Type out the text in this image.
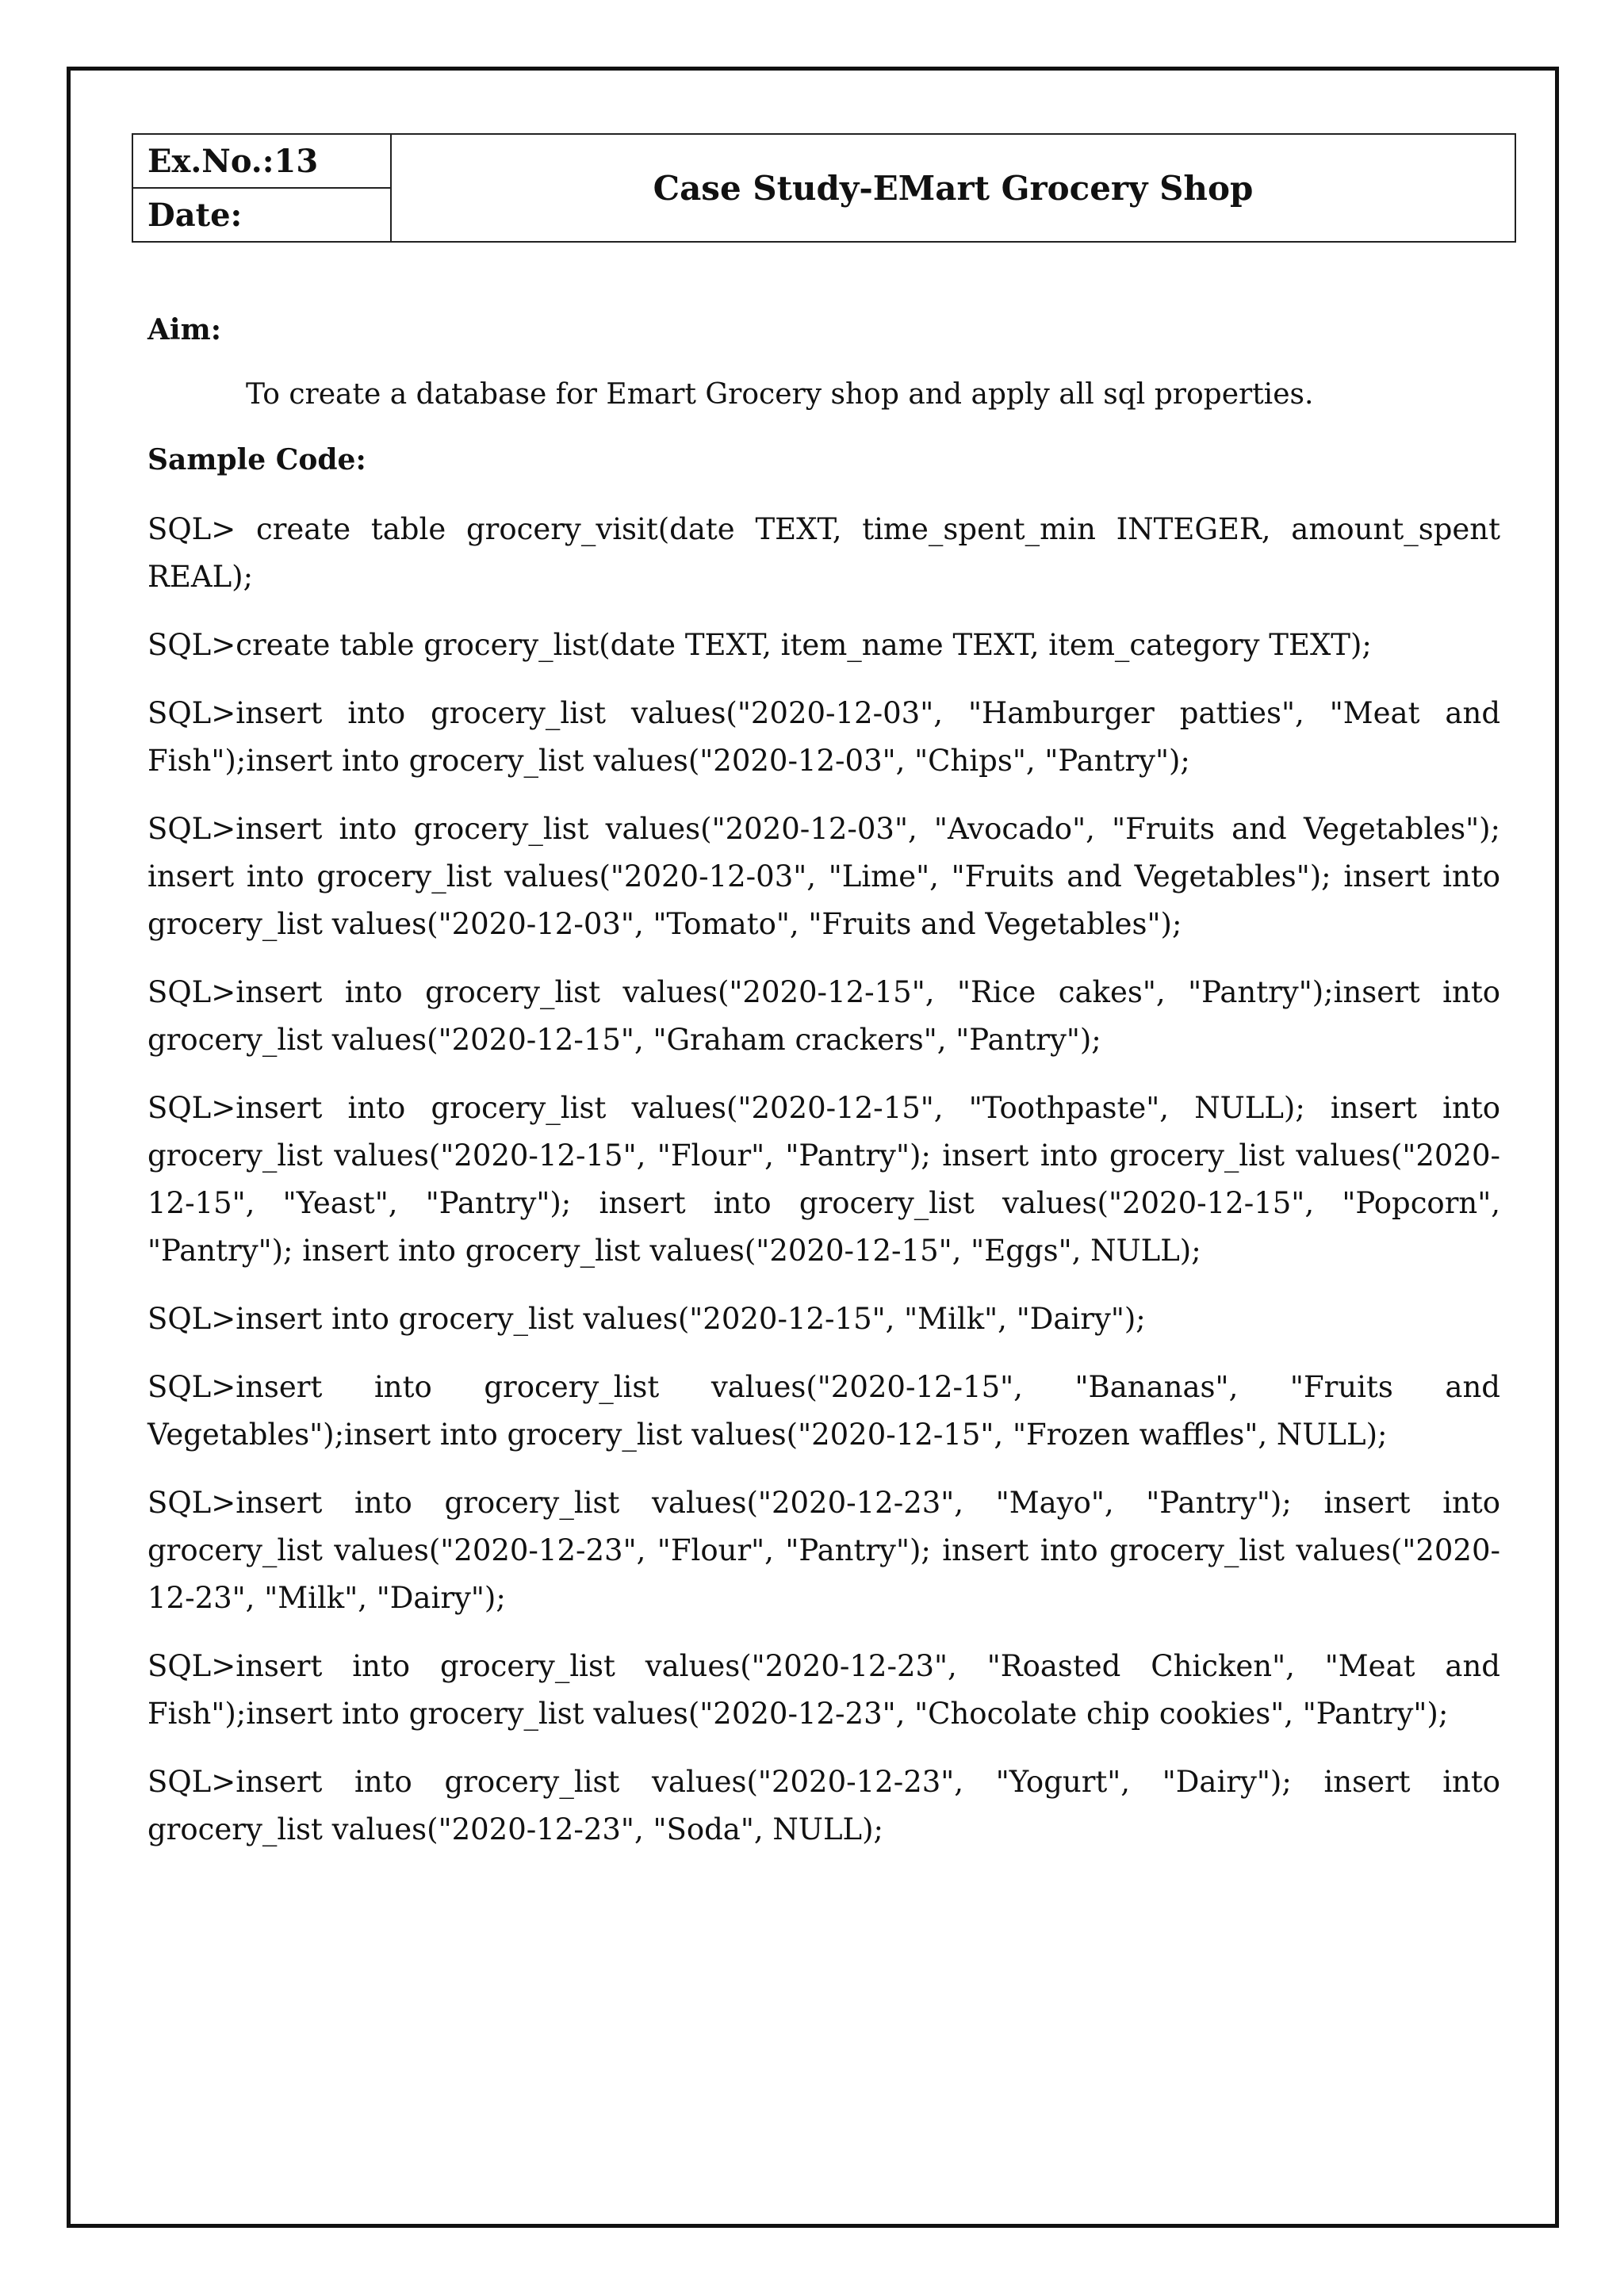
Ex.No.:13
Date:
Case Study-EMart Grocery Shop

Aim:

To create a database for Emart Grocery shop and apply all sql properties.

Sample Code:

SQL> create table grocery_visit(date TEXT, time_spent_min INTEGER, amount_spent REAL);

SQL>create table grocery_list(date TEXT, item_name TEXT, item_category TEXT);

SQL>insert into grocery_list values("2020-12-03", "Hamburger patties", "Meat and Fish");insert into grocery_list values("2020-12-03", "Chips", "Pantry");

SQL>insert into grocery_list values("2020-12-03", "Avocado", "Fruits and Vegetables"); insert into grocery_list values("2020-12-03", "Lime", "Fruits and Vegetables"); insert into grocery_list values("2020-12-03", "Tomato", "Fruits and Vegetables");

SQL>insert into grocery_list values("2020-12-15", "Rice cakes", "Pantry");insert into grocery_list values("2020-12-15", "Graham crackers", "Pantry");

SQL>insert into grocery_list values("2020-12-15", "Toothpaste", NULL); insert into grocery_list values("2020-12-15", "Flour", "Pantry"); insert into grocery_list values("2020-12-15", "Yeast", "Pantry"); insert into grocery_list values("2020-12-15", "Popcorn", "Pantry"); insert into grocery_list values("2020-12-15", "Eggs", NULL);

SQL>insert into grocery_list values("2020-12-15", "Milk", "Dairy");

SQL>insert into grocery_list values("2020-12-15", "Bananas", "Fruits and Vegetables");insert into grocery_list values("2020-12-15", "Frozen waffles", NULL);

SQL>insert into grocery_list values("2020-12-23", "Mayo", "Pantry"); insert into grocery_list values("2020-12-23", "Flour", "Pantry"); insert into grocery_list values("2020-12-23", "Milk", "Dairy");

SQL>insert into grocery_list values("2020-12-23", "Roasted Chicken", "Meat and Fish");insert into grocery_list values("2020-12-23", "Chocolate chip cookies", "Pantry");

SQL>insert into grocery_list values("2020-12-23", "Yogurt", "Dairy"); insert into grocery_list values("2020-12-23", "Soda", NULL);
